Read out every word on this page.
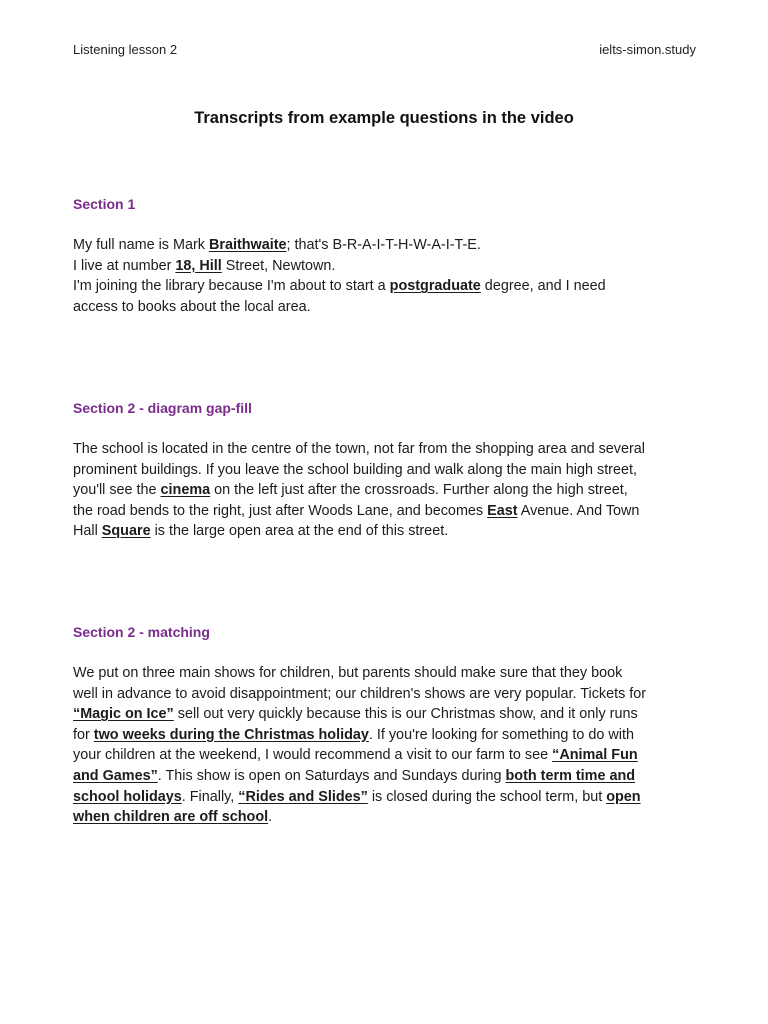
Listening lesson 2	ielts-simon.study
Transcripts from example questions in the video
Section 1
My full name is Mark Braithwaite; that's B-R-A-I-T-H-W-A-I-T-E.
I live at number 18, Hill Street, Newtown.
I'm joining the library because I'm about to start a postgraduate degree, and I need
access to books about the local area.
Section 2 - diagram gap-fill
The school is located in the centre of the town, not far from the shopping area and several
prominent buildings. If you leave the school building and walk along the main high street,
you'll see the cinema on the left just after the crossroads. Further along the high street,
the road bends to the right, just after Woods Lane, and becomes East Avenue. And Town
Hall Square is the large open area at the end of this street.
Section 2 - matching
We put on three main shows for children, but parents should make sure that they book
well in advance to avoid disappointment; our children's shows are very popular. Tickets for
“Magic on Ice” sell out very quickly because this is our Christmas show, and it only runs
for two weeks during the Christmas holiday. If you're looking for something to do with
your children at the weekend, I would recommend a visit to our farm to see “Animal Fun
and Games”. This show is open on Saturdays and Sundays during both term time and
school holidays. Finally, “Rides and Slides” is closed during the school term, but open
when children are off school.
